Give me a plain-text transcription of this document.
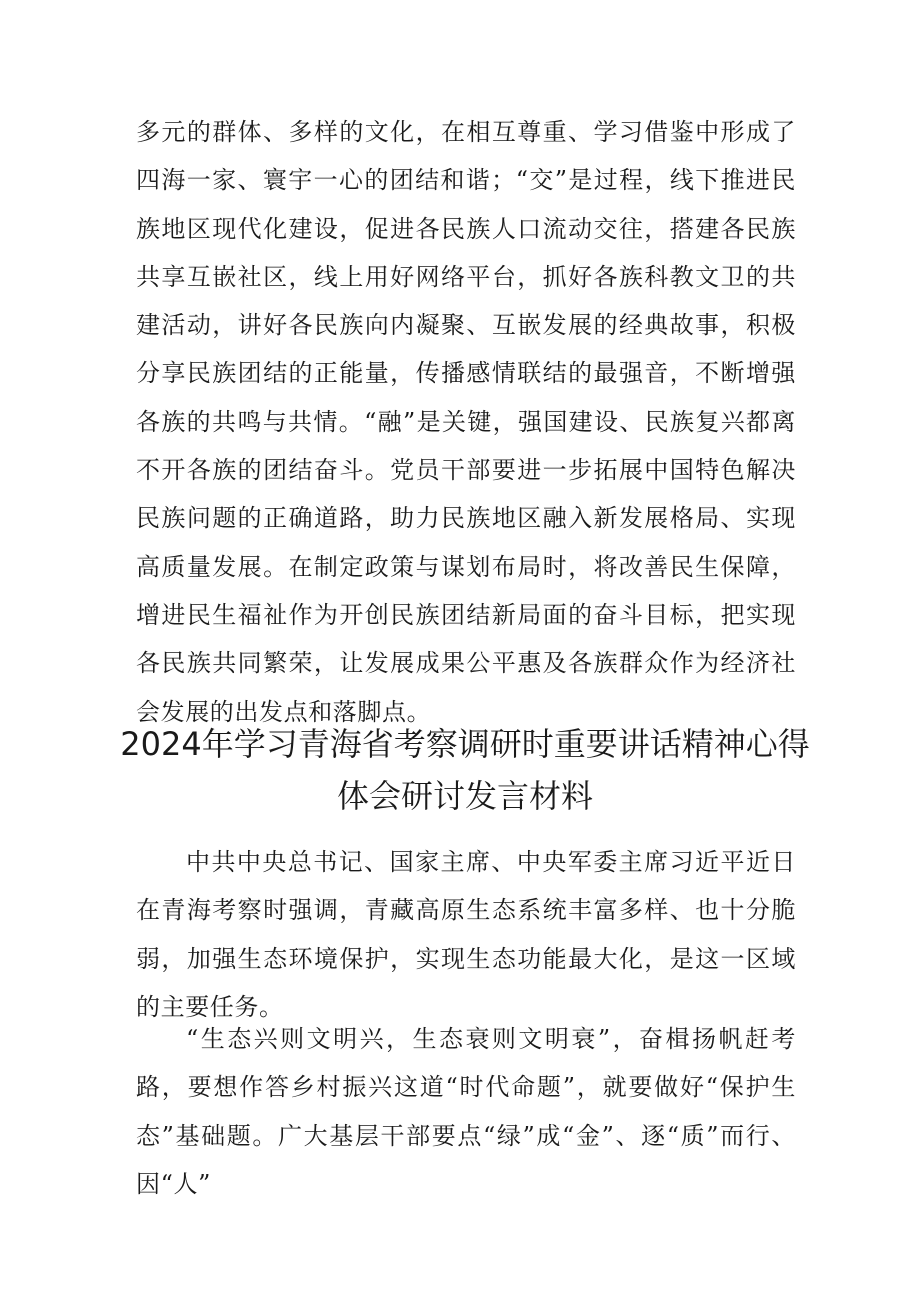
多元的群体、多样的文化，在相互尊重、学习借鉴中形成了四海一家、寰宇一心的团结和谐；“交”是过程，线下推进民族地区现代化建设，促进各民族人口流动交往，搭建各民族共享互嵌社区，线上用好网络平台，抓好各族科教文卫的共建活动，讲好各民族向内凝聚、互嵌发展的经典故事，积极分享民族团结的正能量，传播感情联结的最强音，不断增强各族的共鸣与共情。“融”是关键，强国建设、民族复兴都离不开各族的团结奋斗。党员干部要进一步拓展中国特色解决民族问题的正确道路，助力民族地区融入新发展格局、实现高质量发展。在制定政策与谋划布局时，将改善民生保障，增进民生福祉作为开创民族团结新局面的奋斗目标，把实现各民族共同繁荣，让发展成果公平惠及各族群众作为经济社会发展的出发点和落脚点。

2024年学习青海省考察调研时重要讲话精神心得体会研讨发言材料

中共中央总书记、国家主席、中央军委主席习近平近日在青海考察时强调，青藏高原生态系统丰富多样、也十分脆弱，加强生态环境保护，实现生态功能最大化，是这一区域的主要任务。

“生态兴则文明兴，生态衰则文明衰”，奋楫扬帆赶考路，要想作答乡村振兴这道“时代命题”，就要做好“保护生态”基础题。广大基层干部要点“绿”成“金”、逐“质”而行、因“人”
